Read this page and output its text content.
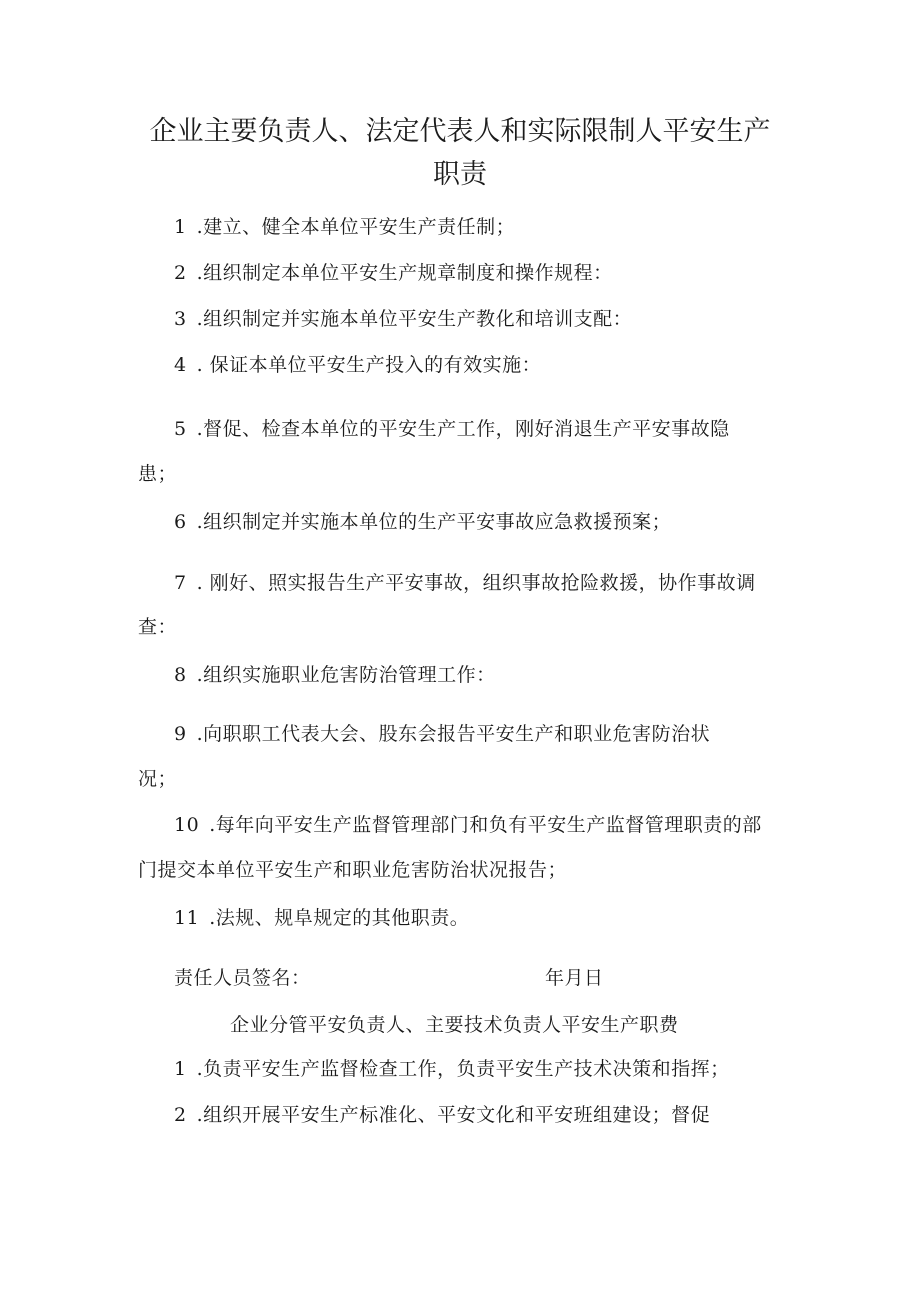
企业主要负责人、法定代表人和实际限制人平安生产
职责
1 .建立、健全本单位平安生产责任制；
2 .组织制定本单位平安生产规章制度和操作规程：
3 .组织制定并实施本单位平安生产教化和培训支配：
4 . 保证本单位平安生产投入的有效实施：
5 .督促、检查本单位的平安生产工作，刚好消退生产平安事故隐
患；
6 .组织制定并实施本单位的生产平安事故应急救援预案；
7 . 刚好、照实报告生产平安事故，组织事故抢险救援，协作事故调
查：
8 .组织实施职业危害防治管理工作：
9 .向职职工代表大会、股东会报告平安生产和职业危害防治状
况；
10 .每年向平安生产监督管理部门和负有平安生产监督管理职责的部
门提交本单位平安生产和职业危害防治状况报告；
11 .法规、规阜规定的其他职责。
责任人员签名：	年月日
企业分管平安负责人、主要技术负责人平安生产职费
1 .负责平安生产监督检查工作，负责平安生产技术决策和指挥；
2 .组织开展平安生产标准化、平安文化和平安班组建设；督促
